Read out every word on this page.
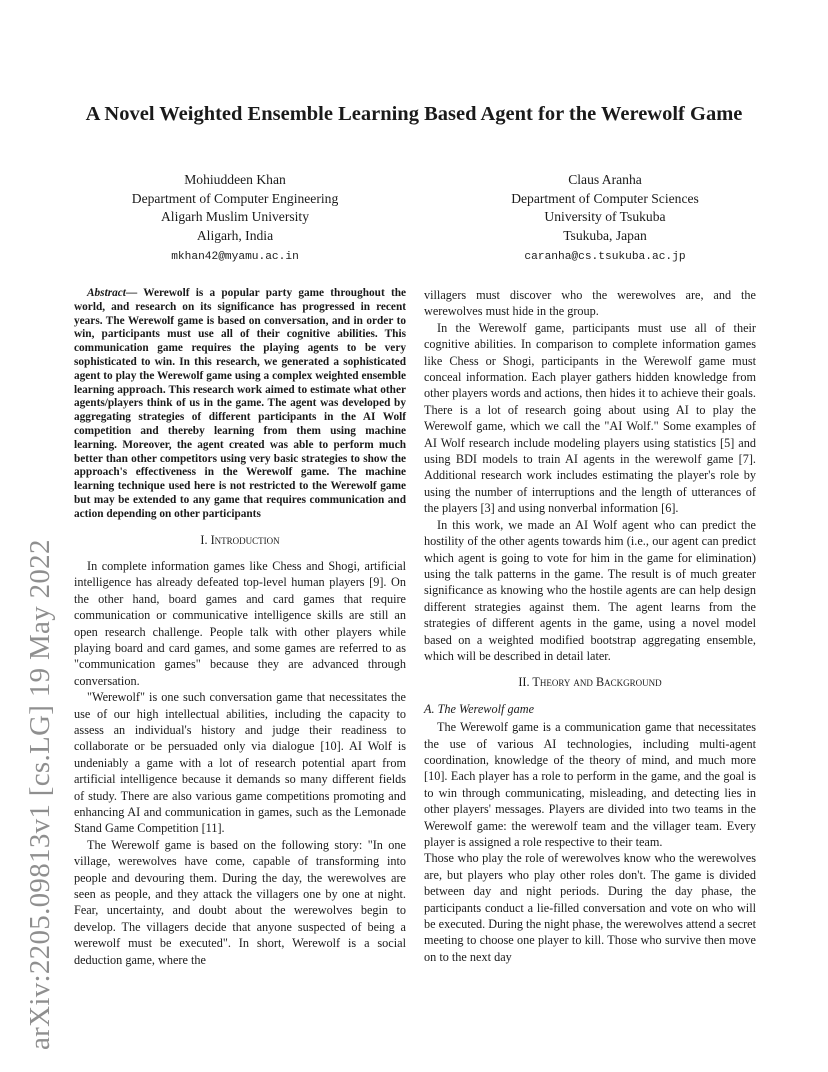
A Novel Weighted Ensemble Learning Based Agent for the Werewolf Game
Mohiuddeen Khan
Department of Computer Engineering
Aligarh Muslim University
Aligarh, India
mkhan42@myamu.ac.in
Claus Aranha
Department of Computer Sciences
University of Tsukuba
Tsukuba, Japan
caranha@cs.tsukuba.ac.jp
arXiv:2205.09813v1 [cs.LG] 19 May 2022

Abstract— Werewolf is a popular party game throughout the world, and research on its significance has progressed in recent years. The Werewolf game is based on conversation, and in order to win, participants must use all of their cognitive abilities. This communication game requires the playing agents to be very sophisticated to win. In this research, we generated a sophisticated agent to play the Werewolf game using a complex weighted ensemble learning approach. This research work aimed to estimate what other agents/players think of us in the game. The agent was developed by aggregating strategies of different participants in the AI Wolf competition and thereby learning from them using machine learning. Moreover, the agent created was able to perform much better than other competitors using very basic strategies to show the approach's effectiveness in the Werewolf game. The machine learning technique used here is not restricted to the Werewolf game but may be extended to any game that requires communication and action depending on other participants

I. Introduction

In complete information games like Chess and Shogi, artificial intelligence has already defeated top-level human players [9]. On the other hand, board games and card games that require communication or communicative intelligence skills are still an open research challenge. People talk with other players while playing board and card games, and some games are referred to as "communication games" because they are advanced through conversation.

"Werewolf" is one such conversation game that necessitates the use of our high intellectual abilities, including the capacity to assess an individual's history and judge their readiness to collaborate or be persuaded only via dialogue [10]. AI Wolf is undeniably a game with a lot of research potential apart from artificial intelligence because it demands so many different fields of study. There are also various game competitions promoting and enhancing AI and communication in games, such as the Lemonade Stand Game Competition [11].

The Werewolf game is based on the following story: "In one village, werewolves have come, capable of transforming into people and devouring them. During the day, the werewolves are seen as people, and they attack the villagers one by one at night. Fear, uncertainty, and doubt about the werewolves begin to develop. The villagers decide that anyone suspected of being a werewolf must be executed". In short, Werewolf is a social deduction game, where the

villagers must discover who the werewolves are, and the werewolves must hide in the group.

In the Werewolf game, participants must use all of their cognitive abilities. In comparison to complete information games like Chess or Shogi, participants in the Werewolf game must conceal information. Each player gathers hidden knowledge from other players words and actions, then hides it to achieve their goals. There is a lot of research going about using AI to play the Werewolf game, which we call the "AI Wolf." Some examples of AI Wolf research include modeling players using statistics [5] and using BDI models to train AI agents in the werewolf game [7]. Additional research work includes estimating the player's role by using the number of interruptions and the length of utterances of the players [3] and using nonverbal information [6].

In this work, we made an AI Wolf agent who can predict the hostility of the other agents towards him (i.e., our agent can predict which agent is going to vote for him in the game for elimination) using the talk patterns in the game. The result is of much greater significance as knowing who the hostile agents are can help design different strategies against them. The agent learns from the strategies of different agents in the game, using a novel model based on a weighted modified bootstrap aggregating ensemble, which will be described in detail later.

II. Theory and Background
A. The Werewolf game

The Werewolf game is a communication game that necessitates the use of various AI technologies, including multi-agent coordination, knowledge of the theory of mind, and much more [10]. Each player has a role to perform in the game, and the goal is to win through communicating, misleading, and detecting lies in other players' messages. Players are divided into two teams in the Werewolf game: the werewolf team and the villager team. Every player is assigned a role respective to their team.

Those who play the role of werewolves know who the werewolves are, but players who play other roles don't. The game is divided between day and night periods. During the day phase, the participants conduct a lie-filled conversation and vote on who will be executed. During the night phase, the werewolves attend a secret meeting to choose one player to kill. Those who survive then move on to the next day
